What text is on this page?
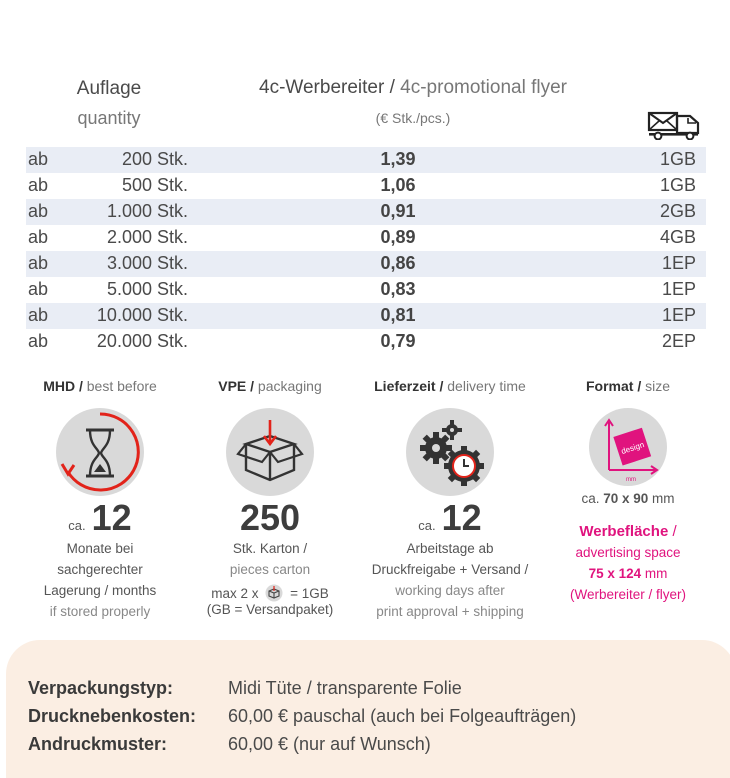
Auflage
quantity
4c-Werbereiter / 4c-promotional flyer
(€ Stk./pcs.)
ab	200 Stk.	1,39	1GB
ab	500 Stk.	1,06	1GB
ab	1.000 Stk.	0,91	2GB
ab	2.000 Stk.	0,89	4GB
ab	3.000 Stk.	0,86	1EP
ab	5.000 Stk.	0,83	1EP
ab	10.000 Stk.	0,81	1EP
ab	20.000 Stk.	0,79	2EP
MHD / best before
ca. 12
Monate bei
sachgerechter
Lagerung / months
if stored properly
VPE / packaging
250
Stk. Karton /
pieces carton
max 2 x = 1GB
(GB = Versandpaket)
Lieferzeit / delivery time
ca. 12
Arbeitstage ab
Druckfreigabe + Versand /
working days after
print approval + shipping
Format / size
design
mm
ca. 70 x 90 mm
Werbefläche /
advertising space
75 x 124 mm
(Werbereiter / flyer)
Verpackungstyp:	Midi Tüte / transparente Folie
Drucknebenkosten: 60,00 € pauschal (auch bei Folgeaufträgen)
Andruckmuster:	60,00 € (nur auf Wunsch)
